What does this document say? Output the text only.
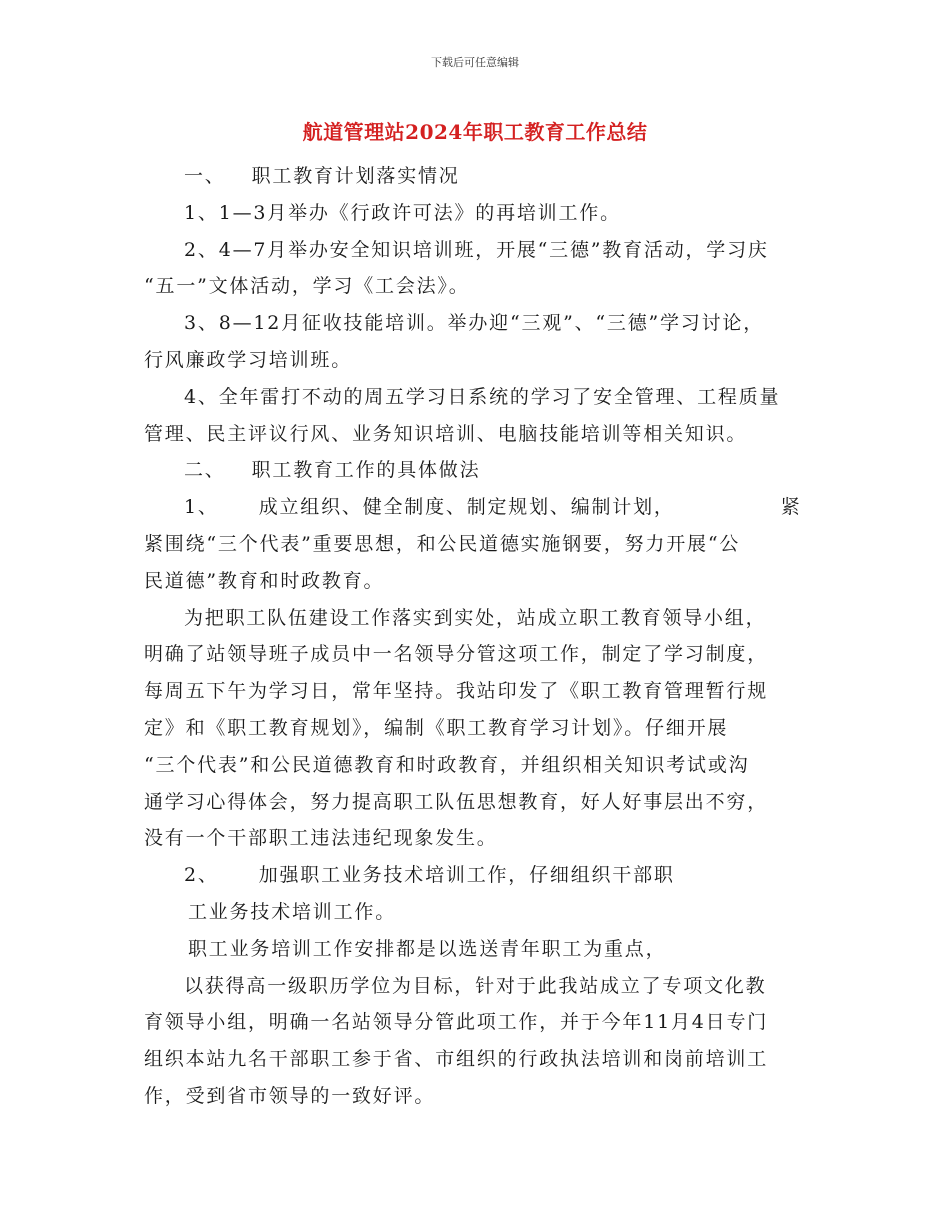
下载后可任意编辑
航道管理站2024年职工教育工作总结
一、 职工教育计划落实情况
1、1—3月举办《行政许可法》的再培训工作。
2、4—7月举办安全知识培训班，开展“三德”教育活动，学习庆
“五一”文体活动，学习《工会法》。
3、8—12月征收技能培训。举办迎“三观”、“三德”学习讨论，
行风廉政学习培训班。
4、全年雷打不动的周五学习日系统的学习了安全管理、工程质量
管理、民主评议行风、业务知识培训、电脑技能培训等相关知识。
二、 职工教育工作的具体做法
1、 成立组织、健全制度、制定规划、编制计划，	紧
紧围绕“三个代表”重要思想，和公民道德实施钢要，努力开展“公
民道德”教育和时政教育。
为把职工队伍建设工作落实到实处，站成立职工教育领导小组，
明确了站领导班子成员中一名领导分管这项工作，制定了学习制度，
每周五下午为学习日，常年坚持。我站印发了《职工教育管理暂行规
定》和《职工教育规划》，编制《职工教育学习计划》。仔细开展
“三个代表”和公民道德教育和时政教育，并组织相关知识考试或沟
通学习心得体会，努力提高职工队伍思想教育，好人好事层出不穷，
没有一个干部职工违法违纪现象发生。
2、 加强职工业务技术培训工作，仔细组织干部职
工业务技术培训工作。
职工业务培训工作安排都是以选送青年职工为重点，
以获得高一级职历学位为目标，针对于此我站成立了专项文化教
育领导小组，明确一名站领导分管此项工作，并于今年11月4日专门
组织本站九名干部职工参于省、市组织的行政执法培训和岗前培训工
作，受到省市领导的一致好评。
